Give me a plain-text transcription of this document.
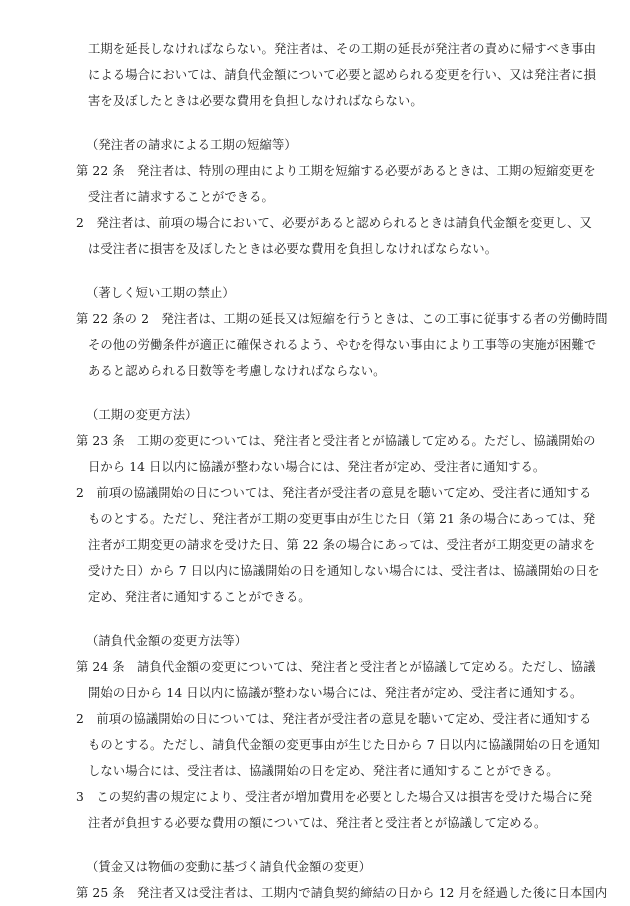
工期を延長しなければならない。発注者は、その工期の延長が発注者の責めに帰すべき事由
による場合においては、請負代金額について必要と認められる変更を行い、又は発注者に損
害を及ぼしたときは必要な費用を負担しなければならない。
（発注者の請求による工期の短縮等）
第 22 条　発注者は、特別の理由により工期を短縮する必要があるときは、工期の短縮変更を
受注者に請求することができる。
2　発注者は、前項の場合において、必要があると認められるときは請負代金額を変更し、又
は受注者に損害を及ぼしたときは必要な費用を負担しなければならない。
（著しく短い工期の禁止）
第 22 条の 2　発注者は、工期の延長又は短縮を行うときは、この工事に従事する者の労働時間
その他の労働条件が適正に確保されるよう、やむを得ない事由により工事等の実施が困難で
あると認められる日数等を考慮しなければならない。
（工期の変更方法）
第 23 条　工期の変更については、発注者と受注者とが協議して定める。ただし、協議開始の
日から 14 日以内に協議が整わない場合には、発注者が定め、受注者に通知する。
2　前項の協議開始の日については、発注者が受注者の意見を聴いて定め、受注者に通知する
ものとする。ただし、発注者が工期の変更事由が生じた日（第 21 条の場合にあっては、発
注者が工期変更の請求を受けた日、第 22 条の場合にあっては、受注者が工期変更の請求を
受けた日）から 7 日以内に協議開始の日を通知しない場合には、受注者は、協議開始の日を
定め、発注者に通知することができる。
（請負代金額の変更方法等）
第 24 条　請負代金額の変更については、発注者と受注者とが協議して定める。ただし、協議
開始の日から 14 日以内に協議が整わない場合には、発注者が定め、受注者に通知する。
2　前項の協議開始の日については、発注者が受注者の意見を聴いて定め、受注者に通知する
ものとする。ただし、請負代金額の変更事由が生じた日から 7 日以内に協議開始の日を通知
しない場合には、受注者は、協議開始の日を定め、発注者に通知することができる。
3　この契約書の規定により、受注者が増加費用を必要とした場合又は損害を受けた場合に発
注者が負担する必要な費用の額については、発注者と受注者とが協議して定める。
（賃金又は物価の変動に基づく請負代金額の変更）
第 25 条　発注者又は受注者は、工期内で請負契約締結の日から 12 月を経過した後に日本国内
